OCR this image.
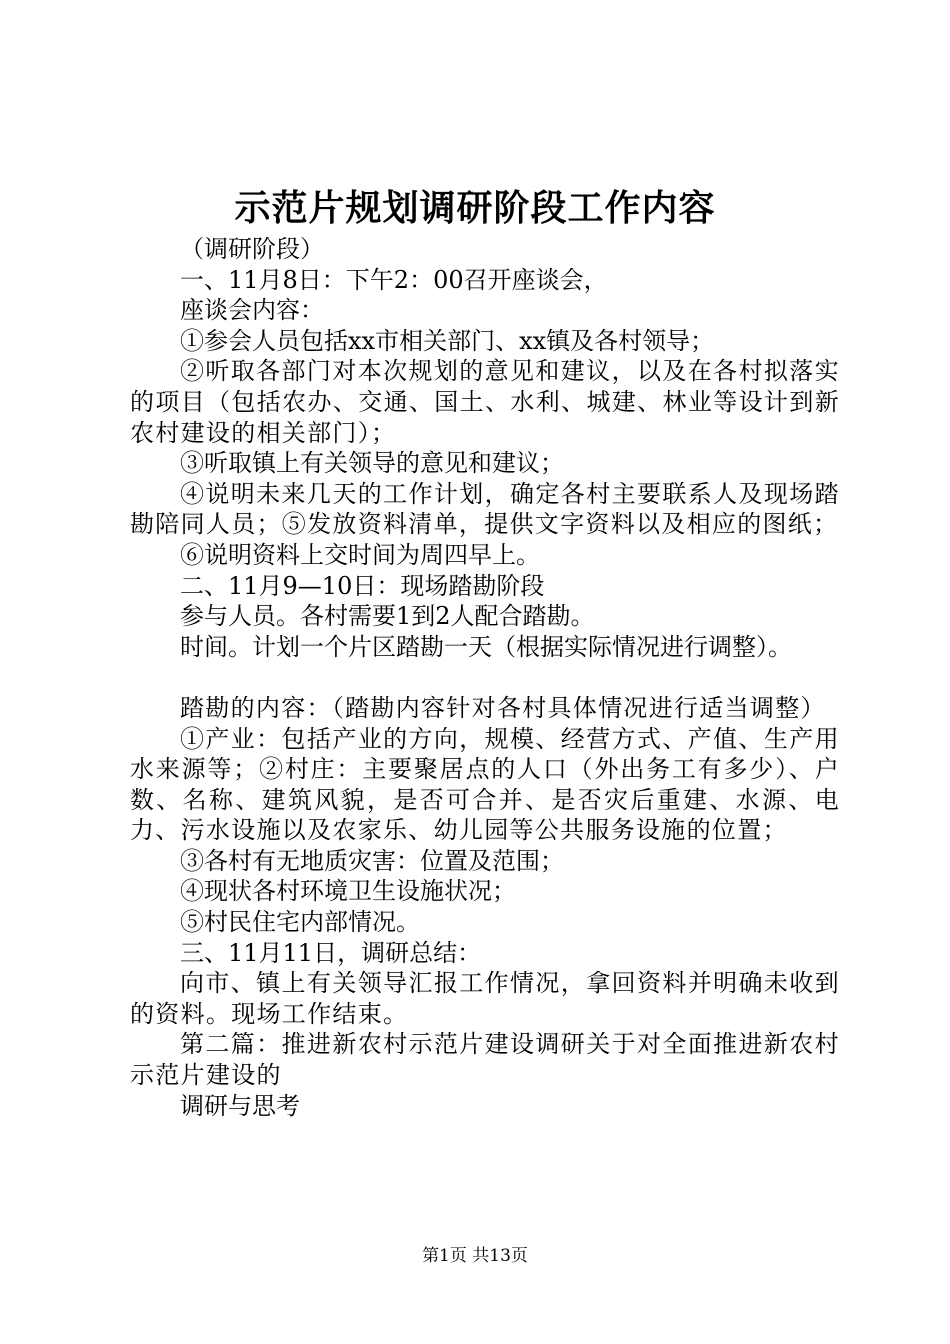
示范片规划调研阶段工作内容

（调研阶段）

一、11月8日：下午2：00召开座谈会，

座谈会内容：

①参会人员包括xx市相关部门、xx镇及各村领导；

②听取各部门对本次规划的意见和建议，以及在各村拟落实的项目（包括农办、交通、国土、水利、城建、林业等设计到新农村建设的相关部门）；

③听取镇上有关领导的意见和建议；

④说明未来几天的工作计划，确定各村主要联系人及现场踏勘陪同人员；⑤发放资料清单，提供文字资料以及相应的图纸；

⑥说明资料上交时间为周四早上。

二、11月9—10日：现场踏勘阶段

参与人员。各村需要1到2人配合踏勘。

时间。计划一个片区踏勘一天（根据实际情况进行调整）。

踏勘的内容：（踏勘内容针对各村具体情况进行适当调整）

①产业：包括产业的方向，规模、经营方式、产值、生产用水来源等；②村庄：主要聚居点的人口（外出务工有多少）、户数、名称、建筑风貌，是否可合并、是否灾后重建、水源、电力、污水设施以及农家乐、幼儿园等公共服务设施的位置；

③各村有无地质灾害：位置及范围；

④现状各村环境卫生设施状况；

⑤村民住宅内部情况。

三、11月11日，调研总结：

向市、镇上有关领导汇报工作情况，拿回资料并明确未收到的资料。现场工作结束。

第二篇：推进新农村示范片建设调研关于对全面推进新农村示范片建设的

调研与思考

第1页 共13页
